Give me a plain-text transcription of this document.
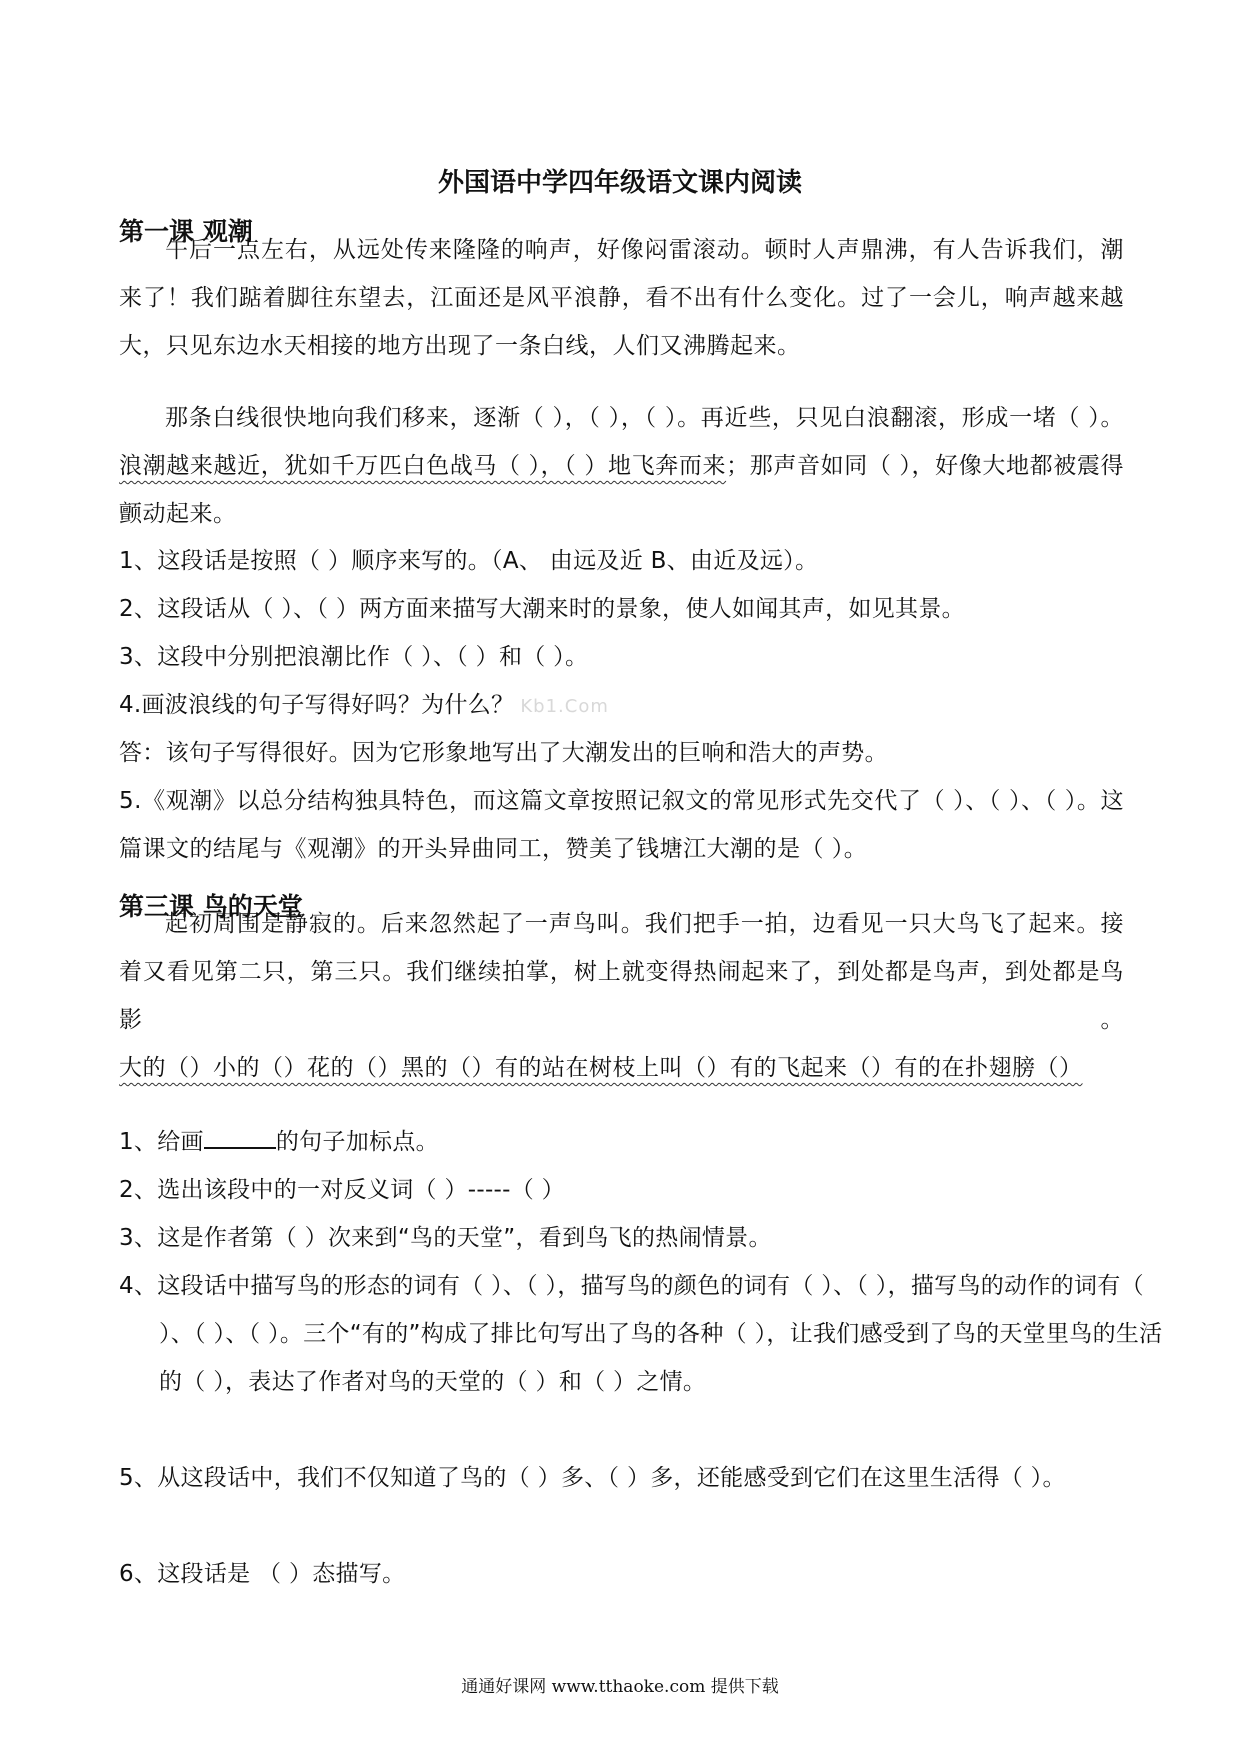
外国语中学四年级语文课内阅读
第一课 观潮

午后一点左右，从远处传来隆隆的响声，好像闷雷滚动。顿时人声鼎沸，有人告诉我们，潮来了！我们踮着脚往东望去，江面还是风平浪静，看不出有什么变化。过了一会儿，响声越来越大，只见东边水天相接的地方出现了一条白线，人们又沸腾起来。

那条白线很快地向我们移来，逐渐（ ），（ ），（ ）。再近些，只见白浪翻滚，形成一堵（ ）。浪潮越来越近，犹如千万匹白色战马（ ），（ ）地飞奔而来；那声音如同（ ），好像大地都被震得颤动起来。

1、这段话是按照（ ）顺序来写的。（A、 由远及近 B、由近及远）。

2、这段话从（ ）、（ ）两方面来描写大潮来时的景象，使人如闻其声，如见其景。

3、这段中分别把浪潮比作（ ）、（ ）和（ ）。

4.画波浪线的句子写得好吗？为什么？ Kb1.Com

答：该句子写得很好。因为它形象地写出了大潮发出的巨响和浩大的声势。

5.《观潮》以总分结构独具特色，而这篇文章按照记叙文的常见形式先交代了（ ）、（ ）、（ ）。这篇课文的结尾与《观潮》的开头异曲同工，赞美了钱塘江大潮的是（ ）。

第三课 鸟的天堂

起初周围是静寂的。后来忽然起了一声鸟叫。我们把手一拍，边看见一只大鸟飞了起来。接着又看见第二只，第三只。我们继续拍掌，树上就变得热闹起来了，到处都是鸟声，到处都是鸟影。大的（）小的（）花的（）黑的（）有的站在树枝上叫（）有的飞起来（）有的在扑翅膀（）

1、给画	的句子加标点。

2、选出该段中的一对反义词（ ）-----（ ）

3、这是作者第（ ）次来到“鸟的天堂”，看到鸟飞的热闹情景。

4、这段话中描写鸟的形态的词有（ ）、（ ），描写鸟的颜色的词有（ ）、（ ），描写鸟的动作的词有（ ）、（ ）、（ ）。三个“有的”构成了排比句写出了鸟的各种（ ），让我们感受到了鸟的天堂里鸟的生活的（ ），表达了作者对鸟的天堂的（ ）和（ ）之情。

5、从这段话中，我们不仅知道了鸟的（ ）多、（ ）多，还能感受到它们在这里生活得（ ）。

6、这段话是 （ ）态描写。

通通好课网 www.tthaoke.com 提供下载
